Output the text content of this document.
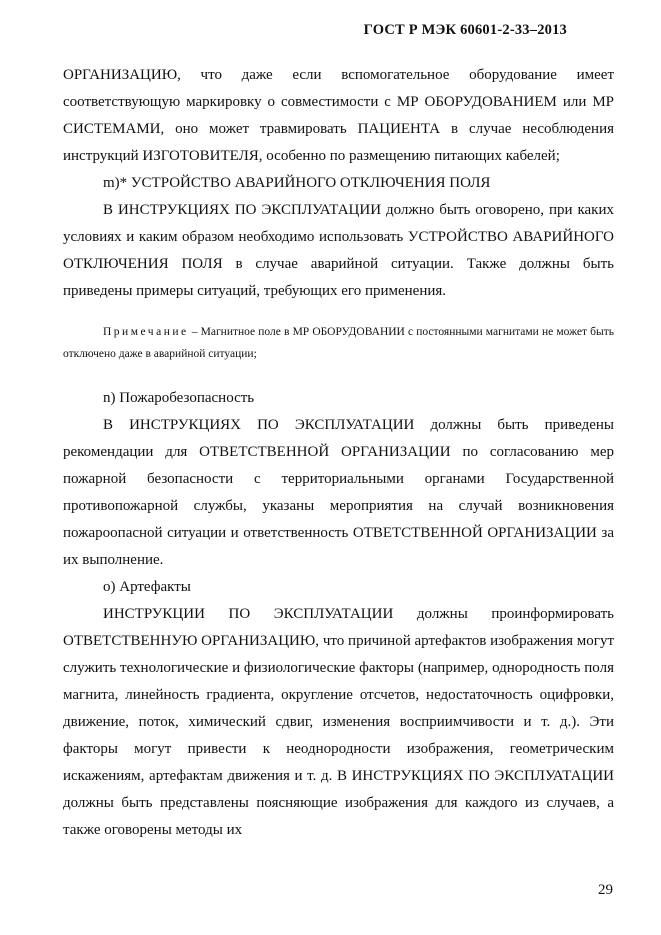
ГОСТ Р МЭК 60601-2-33–2013

ОРГАНИЗАЦИЮ, что даже если вспомогательное оборудование имеет соответствующую маркировку о совместимости с МР ОБОРУДОВАНИЕМ или МР СИСТЕМАМИ, оно может травмировать ПАЦИЕНТА в случае несоблюдения инструкций ИЗГОТОВИТЕЛЯ, особенно по размещению питающих кабелей;

m)* УСТРОЙСТВО АВАРИЙНОГО ОТКЛЮЧЕНИЯ ПОЛЯ

В ИНСТРУКЦИЯХ ПО ЭКСПЛУАТАЦИИ должно быть оговорено, при каких условиях и каким образом необходимо использовать УСТРОЙСТВО АВАРИЙНОГО ОТКЛЮЧЕНИЯ ПОЛЯ в случае аварийной ситуации. Также должны быть приведены примеры ситуаций, требующих его применения.

Примечание – Магнитное поле в МР ОБОРУДОВАНИИ с постоянными магнитами не может быть отключено даже в аварийной ситуации;

n) Пожаробезопасность

В ИНСТРУКЦИЯХ ПО ЭКСПЛУАТАЦИИ должны быть приведены рекомендации для ОТВЕТСТВЕННОЙ ОРГАНИЗАЦИИ по согласованию мер пожарной безопасности с территориальными органами Государственной противопожарной службы, указаны мероприятия на случай возникновения пожароопасной ситуации и ответственность ОТВЕТСТВЕННОЙ ОРГАНИЗАЦИИ за их выполнение.

о) Артефакты

ИНСТРУКЦИИ ПО ЭКСПЛУАТАЦИИ должны проинформировать ОТВЕТСТВЕННУЮ ОРГАНИЗАЦИЮ, что причиной артефактов изображения могут служить технологические и физиологические факторы (например, однородность поля магнита, линейность градиента, округление отсчетов, недостаточность оцифровки, движение, поток, химический сдвиг, изменения восприимчивости и т. д.). Эти факторы могут привести к неоднородности изображения, геометрическим искажениям, артефактам движения и т. д. В ИНСТРУКЦИЯХ ПО ЭКСПЛУАТАЦИИ должны быть представлены поясняющие изображения для каждого из случаев, а также оговорены методы их

29
